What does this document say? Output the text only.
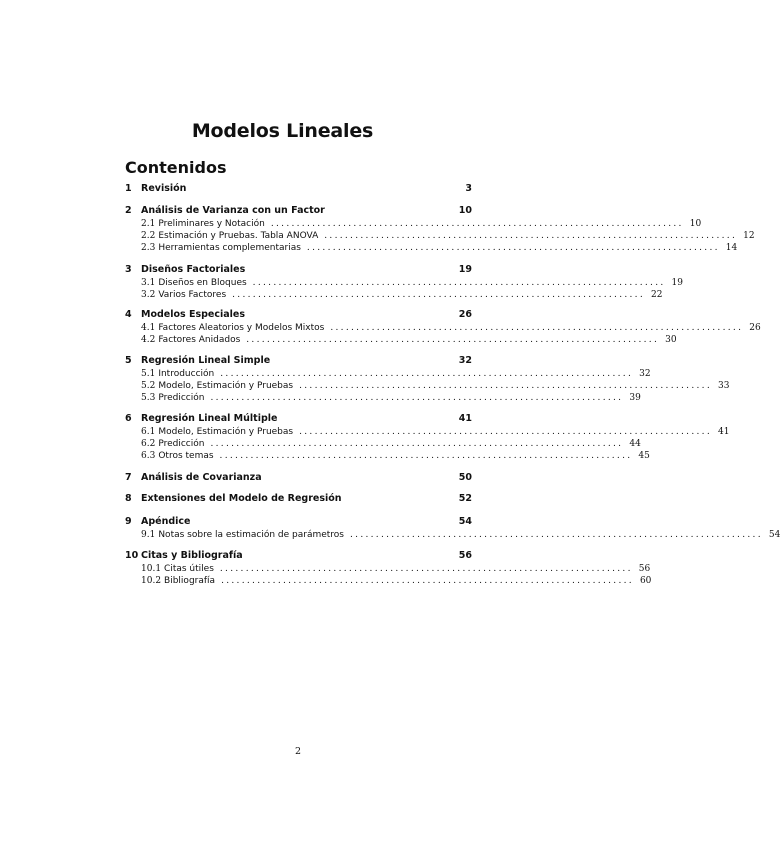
Modelos Lineales
Contenidos
1 Revisión	3
2 Análisis de Varianza con un Factor	10
2.1 Preliminares y Notación ................................................................................ 10
2.2 Estimación y Pruebas. Tabla ANOVA ................................................................................ 12
2.3 Herramientas complementarias ................................................................................ 14
3 Diseños Factoriales	19
3.1 Diseños en Bloques ................................................................................ 19
3.2 Varios Factores ................................................................................ 22
4 Modelos Especiales	26
4.1 Factores Aleatorios y Modelos Mixtos ................................................................................ 26
4.2 Factores Anidados ................................................................................ 30
5 Regresión Lineal Simple	32
5.1 Introducción ................................................................................ 32
5.2 Modelo, Estimación y Pruebas ................................................................................ 33
5.3 Predicción ................................................................................ 39
6 Regresión Lineal Múltiple	41
6.1 Modelo, Estimación y Pruebas ................................................................................ 41
6.2 Predicción ................................................................................ 44
6.3 Otros temas ................................................................................ 45
7 Análisis de Covarianza	50
8 Extensiones del Modelo de Regresión	52
9 Apéndice	54
9.1 Notas sobre la estimación de parámetros ................................................................................ 54
10 Citas y Bibliografía	56
10.1 Citas útiles ................................................................................ 56
10.2 Bibliografía ................................................................................ 60
2
